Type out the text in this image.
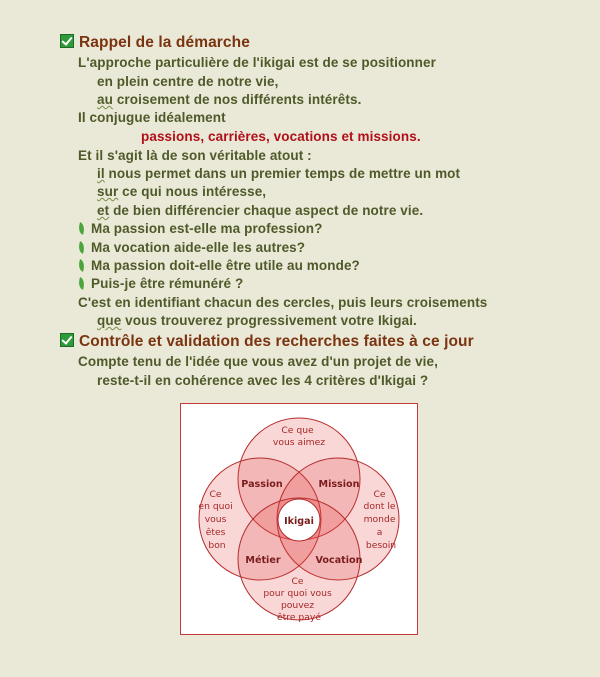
Rappel de la démarche
L'approche particulière de l'ikigai est de se positionner
en plein centre de notre vie,
au croisement de nos différents intérêts.
Il conjugue idéalement
passions, carrières, vocations et missions.
Et il s'agit là de son véritable atout :
il nous permet dans un premier temps de mettre un mot
sur ce qui nous intéresse,
et de bien différencier chaque aspect de notre vie.
Ma passion est-elle ma profession?
Ma vocation aide-elle les autres?
Ma passion doit-elle être utile au monde?
Puis-je être rémunéré ?
C'est en identifiant chacun des cercles, puis leurs croisements
que vous trouverez progressivement votre Ikigai.
Contrôle et validation des recherches faites à ce jour
Compte tenu de l'idée que vous avez d'un projet de vie,
reste-t-il en cohérence avec les 4 critères d'Ikigai ?
Ce que vous aimez
Ce en quoi vous êtes bon
Ce dont le monde a besoin
Ce pour quoi vous pouvez être payé
Passion	Mission
Métier	Vocation
Ikigai
